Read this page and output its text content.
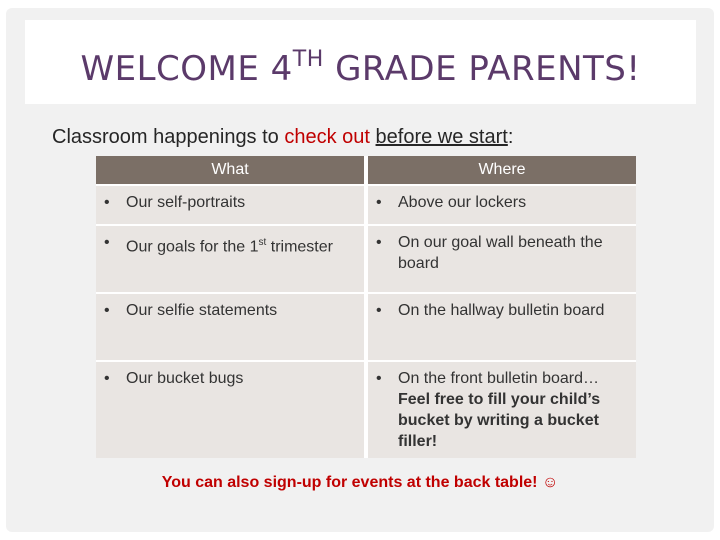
WELCOME 4TH GRADE PARENTS!
Classroom happenings to check out before we start:
What	Where

• Our self-portraits	• Above our lockers

• Our goals for the 1st trimester	• On our goal wall beneath the board

• Our selfie statements	• On the hallway bulletin board

• Our bucket bugs	• On the front bulletin board…Feel free to fill your child’s bucket by writing a bucket filler!
You can also sign-up for events at the back table! ☺
